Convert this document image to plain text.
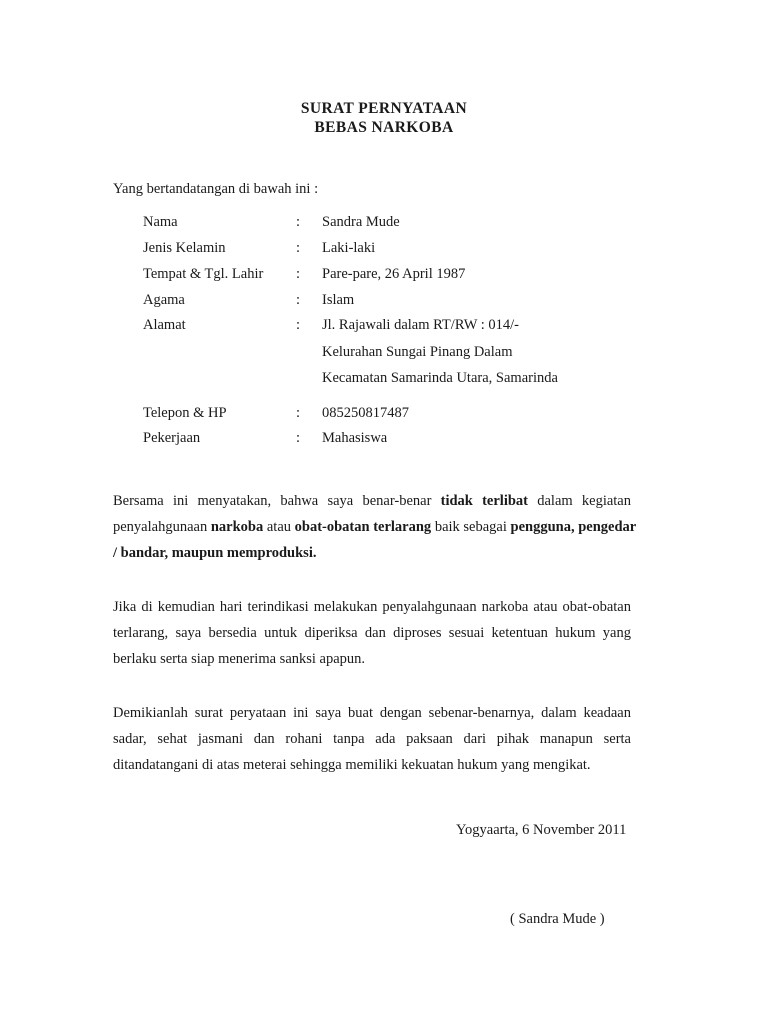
SURAT PERNYATAAN
BEBAS NARKOBA
Yang bertandatangan di bawah ini :
Nama	: Sandra Mude
Jenis Kelamin	: Laki-laki
Tempat & Tgl. Lahir : Pare-pare, 26 April 1987
Agama	: Islam
Alamat	: Jl. Rajawali dalam RT/RW : 014/-
Kelurahan Sungai Pinang Dalam
Kecamatan Samarinda Utara, Samarinda
Telepon & HP	: 085250817487
Pekerjaan	: Mahasiswa
Bersama ini menyatakan, bahwa saya benar-benar tidak terlibat dalam kegiatan
penyalahgunaan narkoba atau obat-obatan terlarang baik sebagai pengguna, pengedar
/ bandar, maupun memproduksi.
Jika di kemudian hari terindikasi melakukan penyalahgunaan narkoba atau obat-obatan
terlarang, saya bersedia untuk diperiksa dan diproses sesuai ketentuan hukum yang
berlaku serta siap menerima sanksi apapun.
Demikianlah surat peryataan ini saya buat dengan sebenar-benarnya, dalam keadaan
sadar, sehat jasmani dan rohani tanpa ada paksaan dari pihak manapun serta
ditandatangani di atas meterai sehingga memiliki kekuatan hukum yang mengikat.
Yogyaarta, 6 November 2011
( Sandra Mude )
